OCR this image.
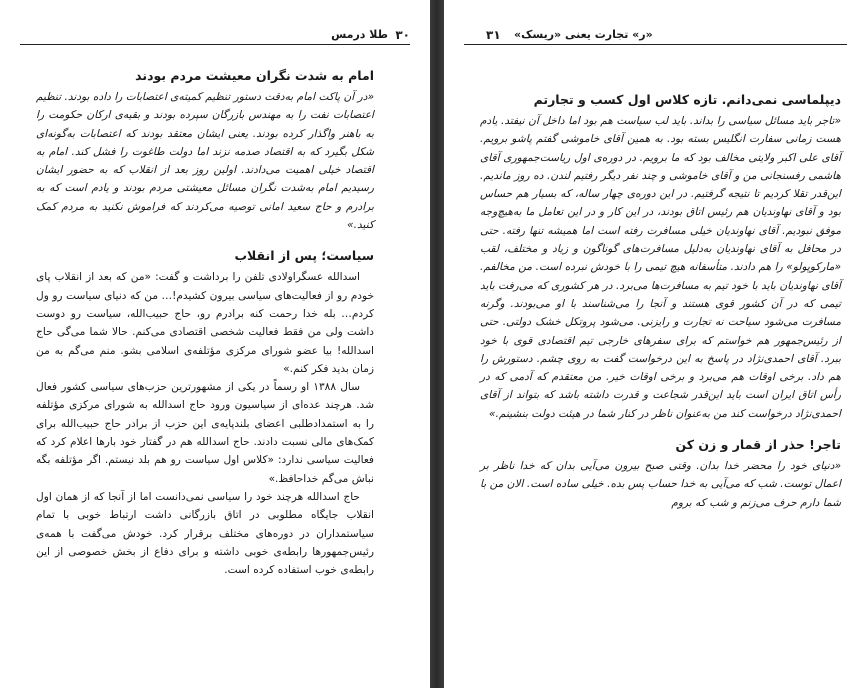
۳۰
طلا درمس
امام به شدت نگران معیشت مردم بودند

«در آن پاکت امام به‌دقت دستور تنظیم کمیته‌ی اعتصابات را داده بودند. تنظیم اعتصابات نفت را به مهندس بازرگان سپرده بودند و بقیه‌ی ارکان حکومت را به باهنر واگذار کرده بودند. یعنی ایشان معتقد بودند که اعتصابات به‌گونه‌ای شکل بگیرد که به اقتصاد صدمه نزند اما دولت طاغوت را فشل کند. امام به اقتصاد خیلی اهمیت می‌دادند. اولین روز بعد از انقلاب که به حضور ایشان رسیدیم امام به‌شدت نگران مسائل معیشتی مردم بودند و یادم است که به برادرم و حاج سعید امانی توصیه می‌کردند که فراموش نکنید به مردم کمک کنید.»

سیاست؛ پس از انقلاب

اسدالله عسگراولادی تلفن را برداشت و گفت: «من که بعد از انقلاب پای خودم رو از فعالیت‌های سیاسی بیرون کشیدم!… من که دنیای سیاست رو ول کردم… بله خدا رحمت کنه برادرم رو، حاج حبیب‌الله، سیاست رو دوست داشت ولی من فقط فعالیت شخصی اقتصادی می‌کنم. حالا شما می‌گی حاج اسدالله! بیا عضو شورای مرکزی مؤتلفه‌ی اسلامی بشو. منم می‌گم به من زمان بدید فکر کنم.»

سال ۱۳۸۸ او رسماً در یکی از مشهورترین حزب‌های سیاسی کشور فعال شد. هرچند عده‌ای از سیاسیون ورود حاج اسدالله به شورای مرکزی مؤتلفه را به استمدادطلبی اعضای بلندپایه‌ی این حزب از برادر حاج حبیب‌الله برای کمک‌های مالی نسبت دادند. حاج اسدالله هم در گفتار خود بارها اعلام کرد که فعالیت سیاسی ندارد: «کلاس اول سیاست رو هم بلد نیستم. اگر مؤتلفه بگه نباش می‌گم خداحافظ.»

حاج اسدالله هرچند خود را سیاسی نمی‌دانست اما از آنجا که از همان اول انقلاب جایگاه مطلوبی در اتاق بازرگانی داشت ارتباط خوبی با تمام سیاستمداران در دوره‌های مختلف برقرار کرد. خودش می‌گفت با همه‌ی رئیس‌جمهورها رابطه‌ی خوبی داشته و برای دفاع از بخش خصوصی از این رابطه‌ی خوب استفاده کرده است.

۳۱ «ر» تجارت یعنی «ریسک»
دیپلماسی نمی‌دانم. تازه کلاس اول کسب و تجارتم

«تاجر باید مسائل سیاسی را بداند. باید لب سیاست هم بود اما داخل آن نیفتد. یادم هست زمانی سفارت انگلیس بسته بود. به همین آقای خاموشی گفتم پاشو برویم. آقای علی اکبر ولایتی مخالف بود که ما برویم. در دوره‌ی اول ریاست‌جمهوری آقای هاشمی رفسنجانی من و آقای خاموشی و چند نفر دیگر رفتیم لندن. ده روز ماندیم. این‌قدر تقلا کردیم تا نتیجه گرفتیم. در این دوره‌ی چهار ساله، که بسیار هم حساس بود و آقای نهاوندیان هم رئیس اتاق بودند، در این کار و در این تعامل ما به‌هیچ‌وجه موفق نبودیم. آقای نهاوندیان خیلی مسافرت رفته است اما همیشه تنها رفته. حتی در محافل به آقای نهاوندیان به‌دلیل مسافرت‌های گوناگون و زیاد و مختلف، لقب «مارکوپولو» را هم دادند. متأسفانه هیچ تیمی را با خودش نبرده است. من مخالفم. آقای نهاوندیان باید با خود تیم به مسافرت‌ها می‌برد. در هر کشوری که می‌رفت باید تیمی که در آن کشور قوی هستند و آنجا را می‌شناسند با او می‌بودند. وگرنه مسافرت می‌شود سیاحت نه تجارت و رایزنی. می‌شود پروتکل خشک دولتی. حتی از رئیس‌جمهور هم خواستم که برای سفرهای خارجی تیم اقتصادی قوی با خود ببرد. آقای احمدی‌نژاد در پاسخ به این درخواست گفت به روی چشم. دستورش را هم داد. برخی اوقات هم می‌برد و برخی اوقات خیر. من معتقدم که آدمی که در رأس اتاق ایران است باید این‌قدر شجاعت و قدرت داشته باشد که بتواند از آقای احمدی‌نژاد درخواست کند من به‌عنوان ناظر در کنار شما در هیئت دولت بنشینم.»

تاجر! حذر از قمار و زن کن

«دنیای خود را محضر خدا بدان. وقتی صبح بیرون می‌آیی بدان که خدا ناظر بر اعمال توست. شب که می‌آیی به خدا حساب پس بده. خیلی ساده است. الان من با شما دارم حرف می‌زنم و شب که بروم
